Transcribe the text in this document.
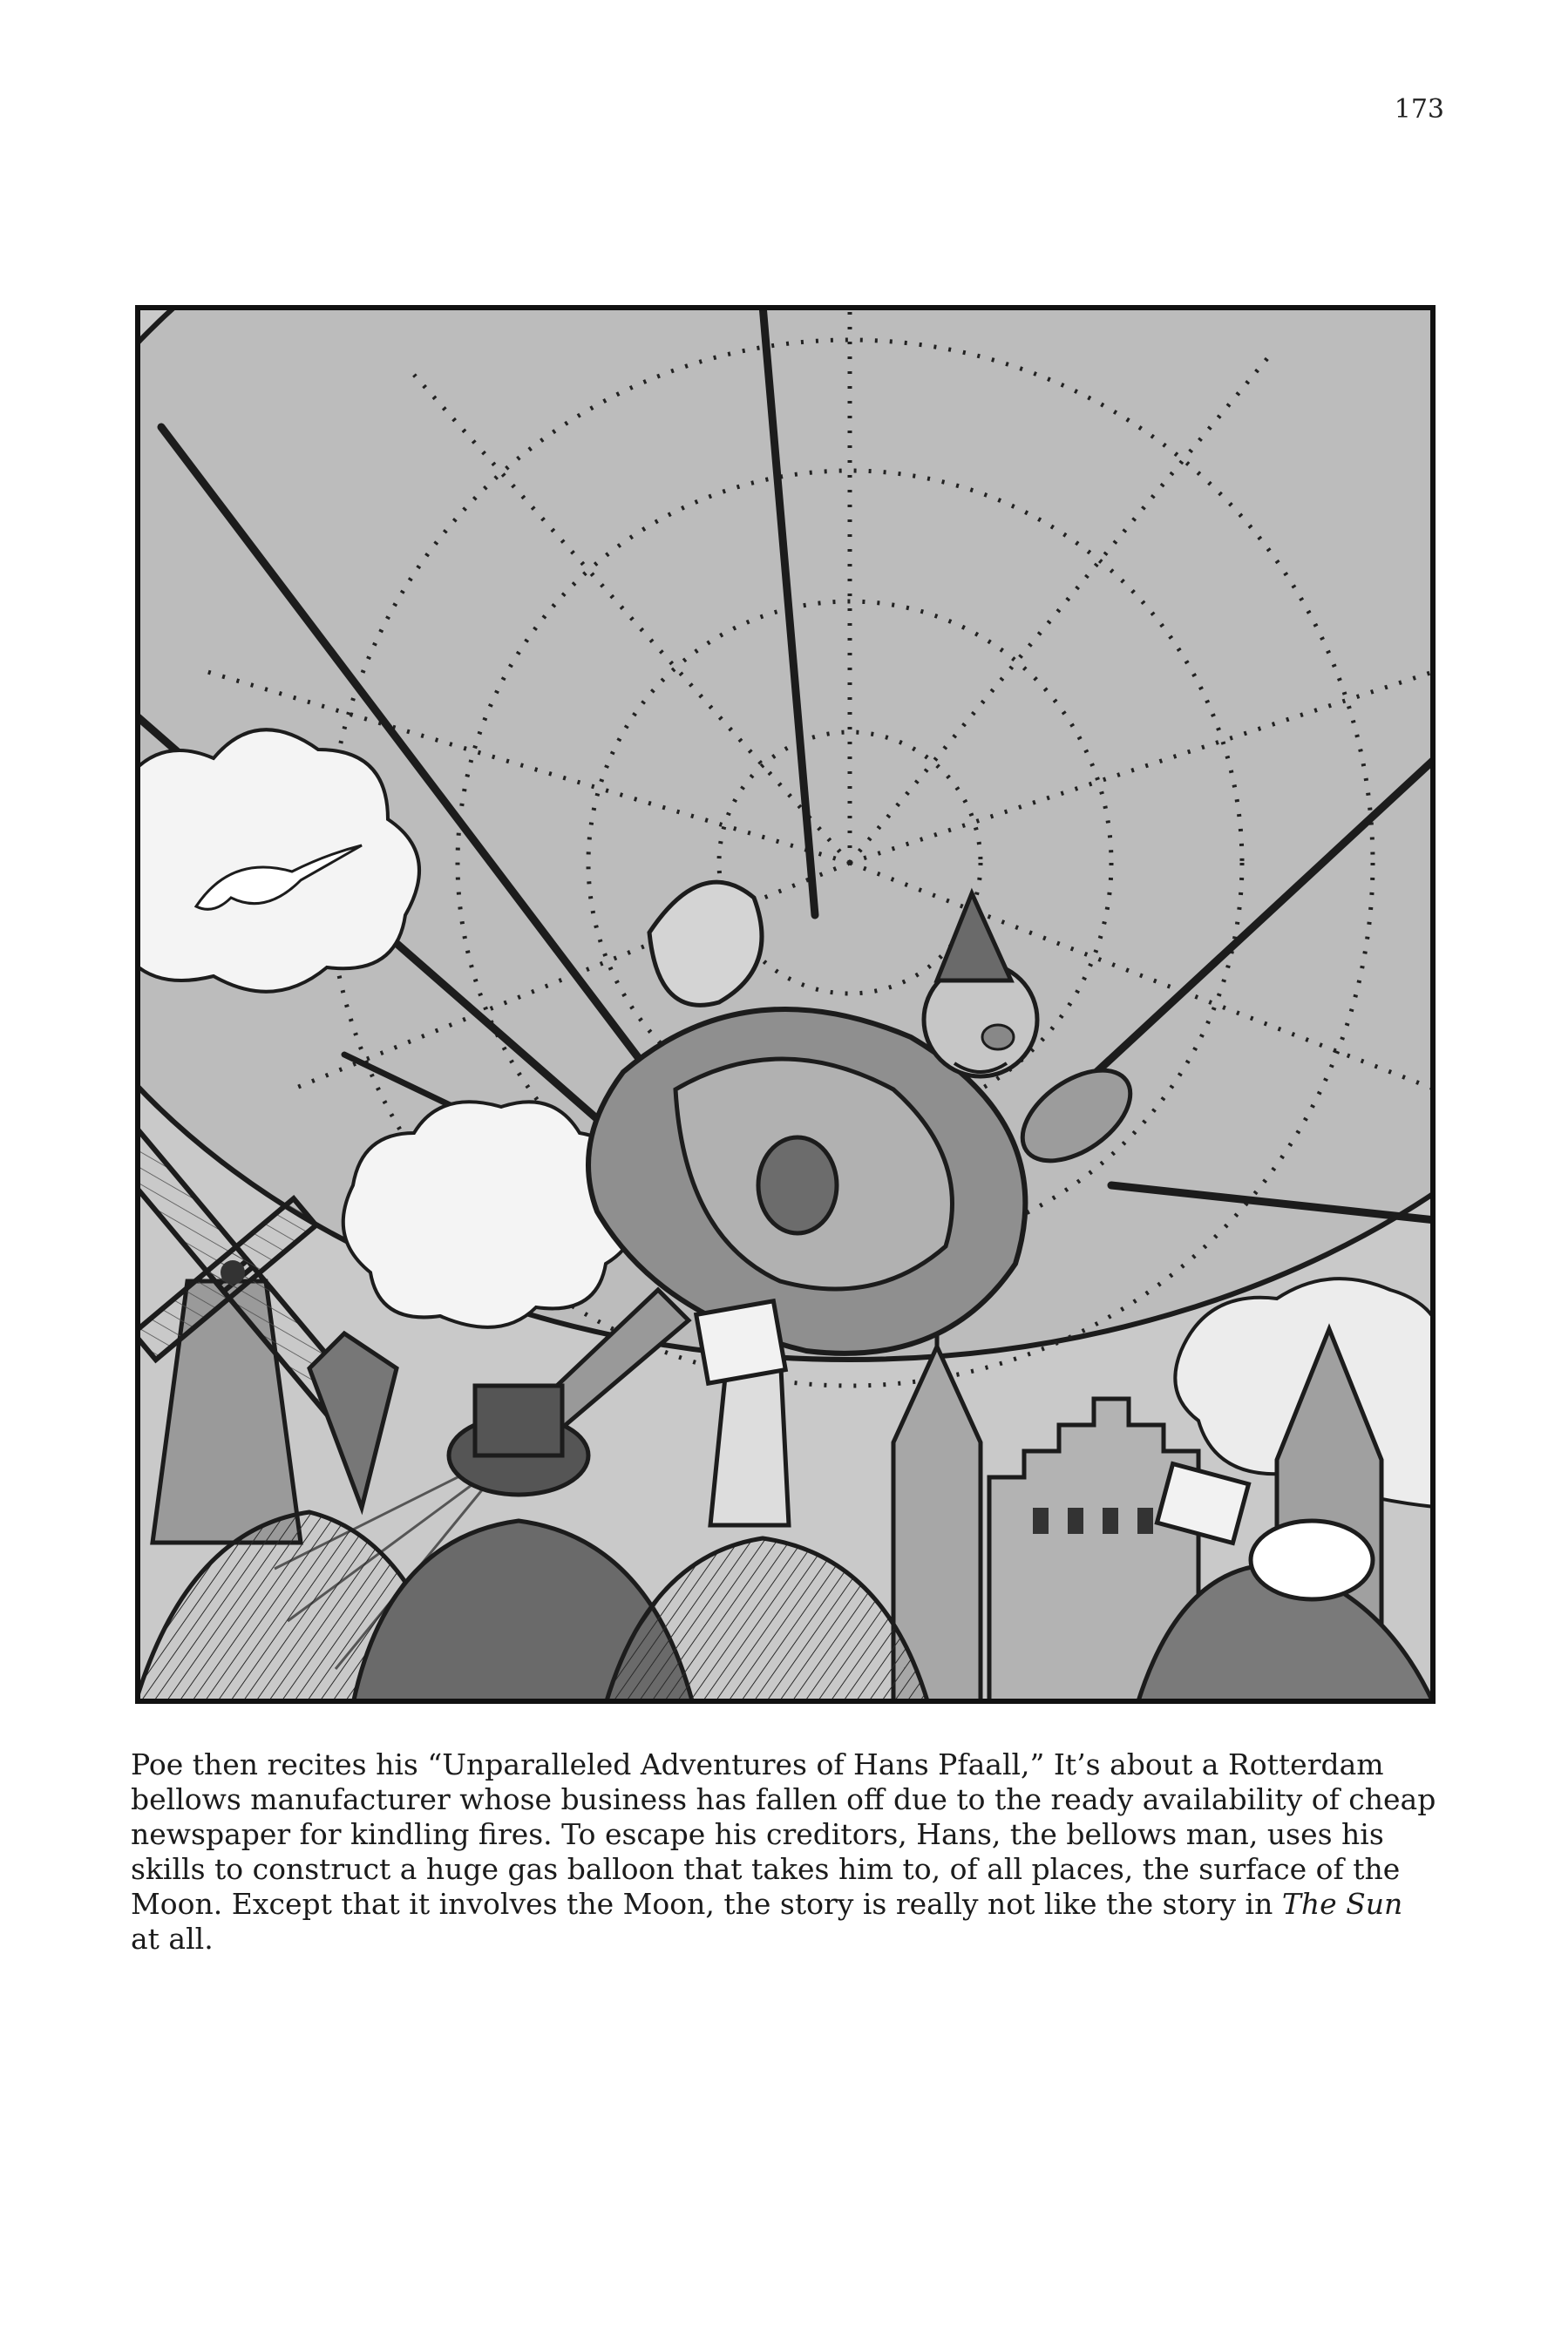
173

Poe then recites his “Unparalleled Adventures of Hans Pfaall,” It’s about a Rotterdam bellows manufacturer whose business has fallen off due to the ready availability of cheap newspaper for kindling fires. To escape his creditors, Hans, the bellows man, uses his skills to construct a huge gas balloon that takes him to, of all places, the surface of the Moon. Except that it involves the Moon, the story is really not like the story in The Sun at all.
